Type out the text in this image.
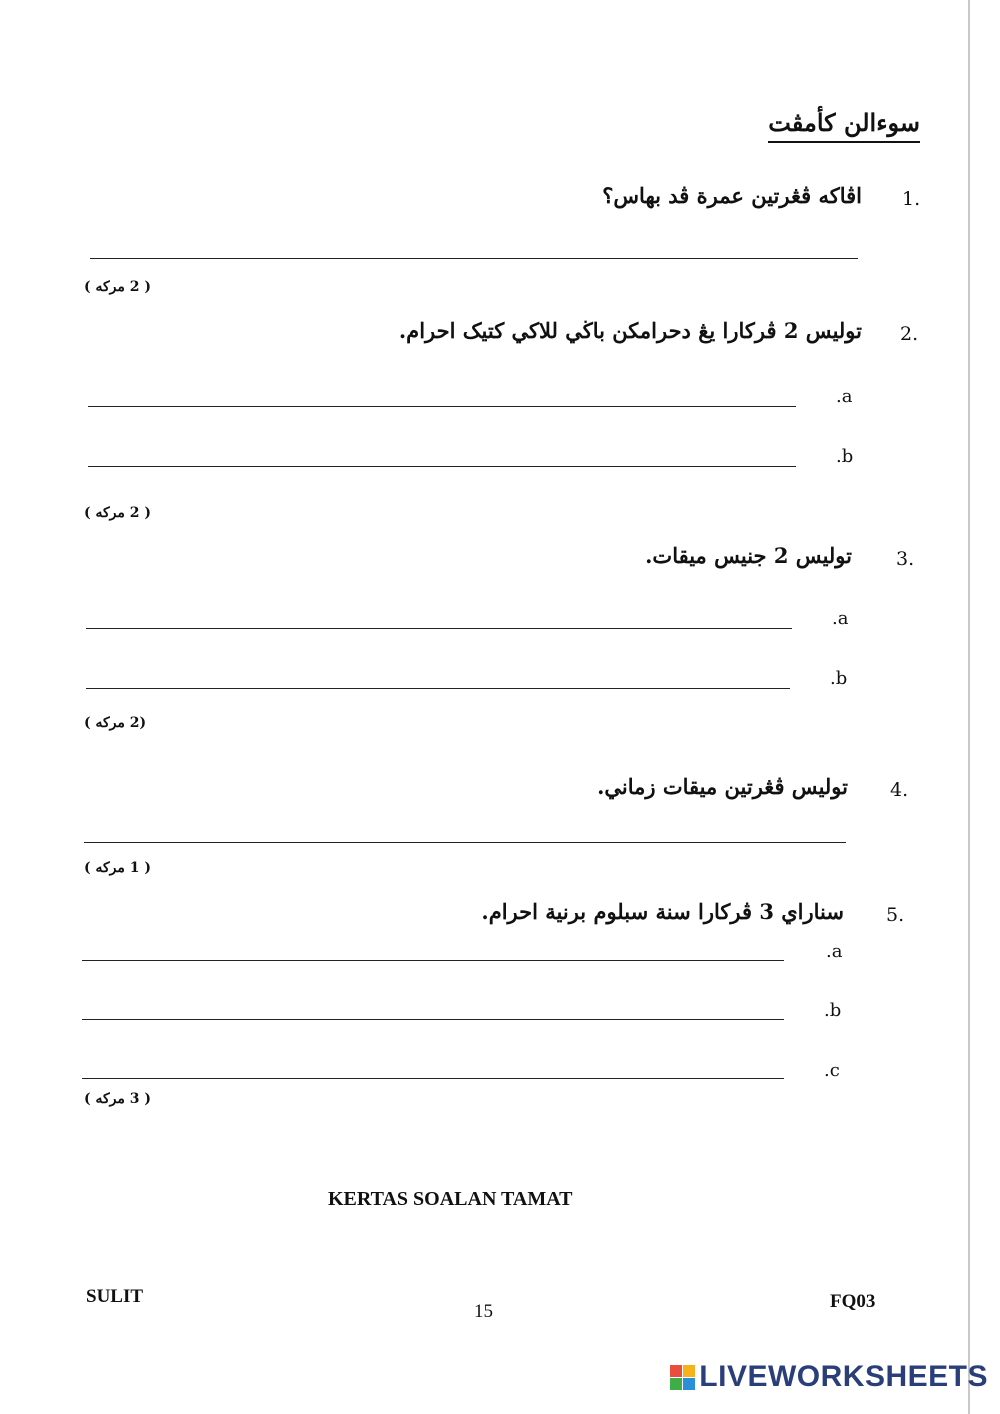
سوءالن كأمڤت
1.
اڤاكه ڤڠرتين عمرة ڤد بهاس؟
( 2 مركه )
2.
توليس 2 ڤركارا يڠ دحرامكن باڬي للاكي كتيک احرام.
.a
.b
( 2 مركه )
3.
توليس 2 جنيس ميقات.
.a
.b
(2 مركه )
4.
توليس ڤڠرتين ميقات زماني.
( 1 مركه )
5.
سناراي 3 ڤركارا سنة سبلوم برنية احرام.
.a
.b
.c
( 3 مركه )
KERTAS SOALAN TAMAT
SULIT
15	FQ03
LIVEWORKSHEETS
